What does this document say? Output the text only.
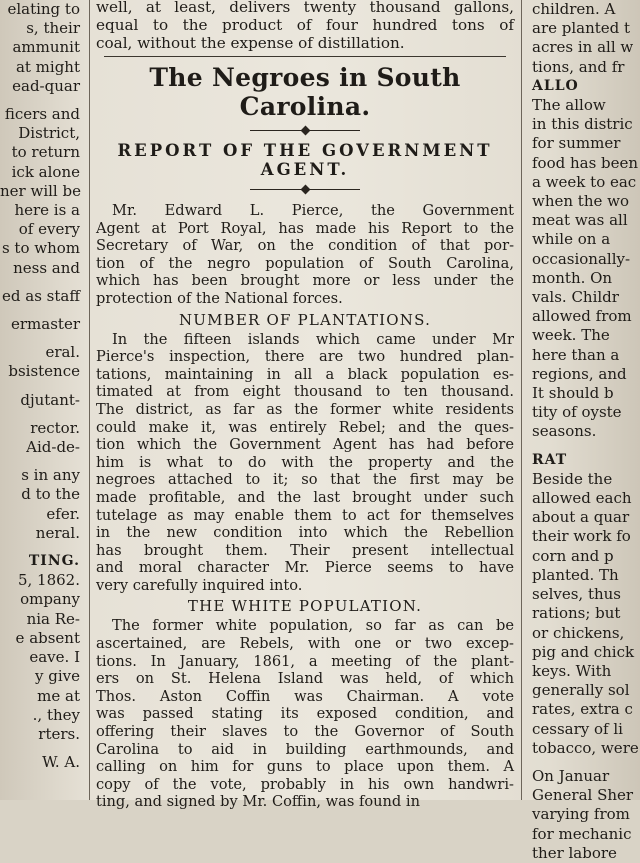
elating to
s, their
ammunit
at might
ead-quar
ficers and
District,
to return
ick alone
ner will be
here is a
of every
s to whom
ness and
ed as staff
ermaster
eral.
bsistence
djutant-
rector.
Aid-de-
s in any
d to the
efer.
neral.
TING.
5, 1862.
ompany
nia Re-
e absent
eave. I
y give
me at
., they
rters.
W. A.
well, at least, delivers twenty thousand gallons,
equal to the product of four hundred tons of
coal, without the expense of distillation.
The Negroes in South Carolina.
REPORT OF THE GOVERNMENT
AGENT.
Mr. Edward L. Pierce, the Government
Agent at Port Royal, has made his Report to the
Secretary of War, on the condition of that por-
tion of the negro population of South Carolina,
which has been brought more or less under the
protection of the National forces.
NUMBER OF PLANTATIONS.
In the fifteen islands which came under Mr
Pierce's inspection, there are two hundred plan-
tations, maintaining in all a black population es-
timated at from eight thousand to ten thousand.
The district, as far as the former white residents
could make it, was entirely Rebel; and the ques-
tion which the Government Agent has had before
him is what to do with the property and the
negroes attached to it; so that the first may be
made profitable, and the last brought under such
tutelage as may enable them to act for themselves
in the new condition into which the Rebellion
has brought them. Their present intellectual
and moral character Mr. Pierce seems to have
very carefully inquired into.
THE WHITE POPULATION.
The former white population, so far as can be
ascertained, are Rebels, with one or two excep-
tions. In January, 1861, a meeting of the plant-
ers on St. Helena Island was held, of which
Thos. Aston Coffin was Chairman. A vote
was passed stating its exposed condition, and
offering their slaves to the Governor of South
Carolina to aid in building earthmounds, and
calling on him for guns to place upon them. A
copy of the vote, probably in his own handwri-
ting, and signed by Mr. Coffin, was found in
children. A
are planted t
acres in all w
tions, and fr
ALLO
The allow
in this distric
for summer
food has been
a week to eac
when the wo
meat was all
while on a
occasionally-
month. On
vals. Childr
allowed from
week. The
here than a
regions, and
It should b
tity of oyste
seasons.
RAT
Beside the
allowed each
about a quar
their work fo
corn and p
planted. Th
selves, thus
rations; but
or chickens,
pig and chick
keys. With
generally sol
rates, extra c
cessary of li
tobacco, were
On Januar
General Sher
varying from
for mechanic
ther labore
